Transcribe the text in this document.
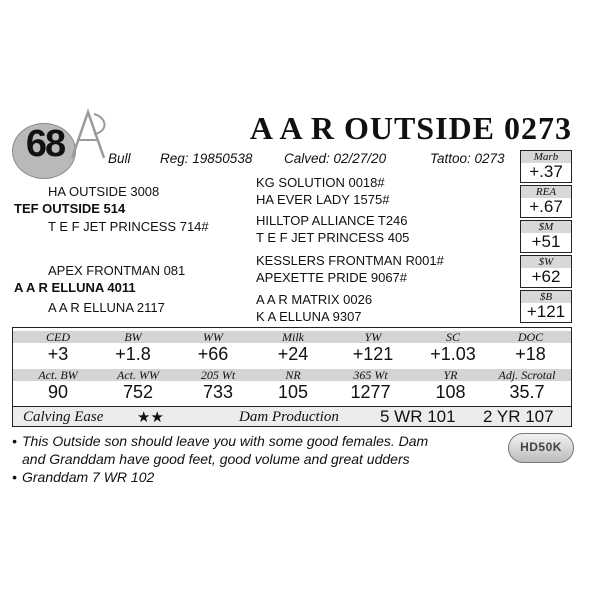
68	A A R OUTSIDE 0273
Bull Reg: 19850538 Calved: 02/27/20	Tattoo: 0273
HA OUTSIDE 3008
TEF OUTSIDE 514
T E F JET PRINCESS 714#
KG SOLUTION 0018#
HA EVER LADY 1575#
HILLTOP ALLIANCE T246
T E F JET PRINCESS 405
APEX FRONTMAN 081
A A R ELLUNA 4011
A A R ELLUNA 2117
KESSLERS FRONTMAN R001#
APEXETTE PRIDE 9067#
A A R MATRIX 0026
K A ELLUNA 9307
Marb
+.37
REA
+.67
$M
+51
$W
+62
$B
+121
CED	BW	WW	Milk	YW	SC	DOC
+3	+1.8	+66	+24	+121	+1.03	+18
Act. BW	Act. WW	205 Wt	NR	365 Wt	YR	Adj. Scrotal
90	752	733	105	1277	108	35.7
Calving Ease ★★	Dam Production 5 WR 101 2 YR 107
• This Outside son should leave you with some good females. Dam
and Granddam have good feet, good volume and great udders
• Granddam 7 WR 102
HD50K
